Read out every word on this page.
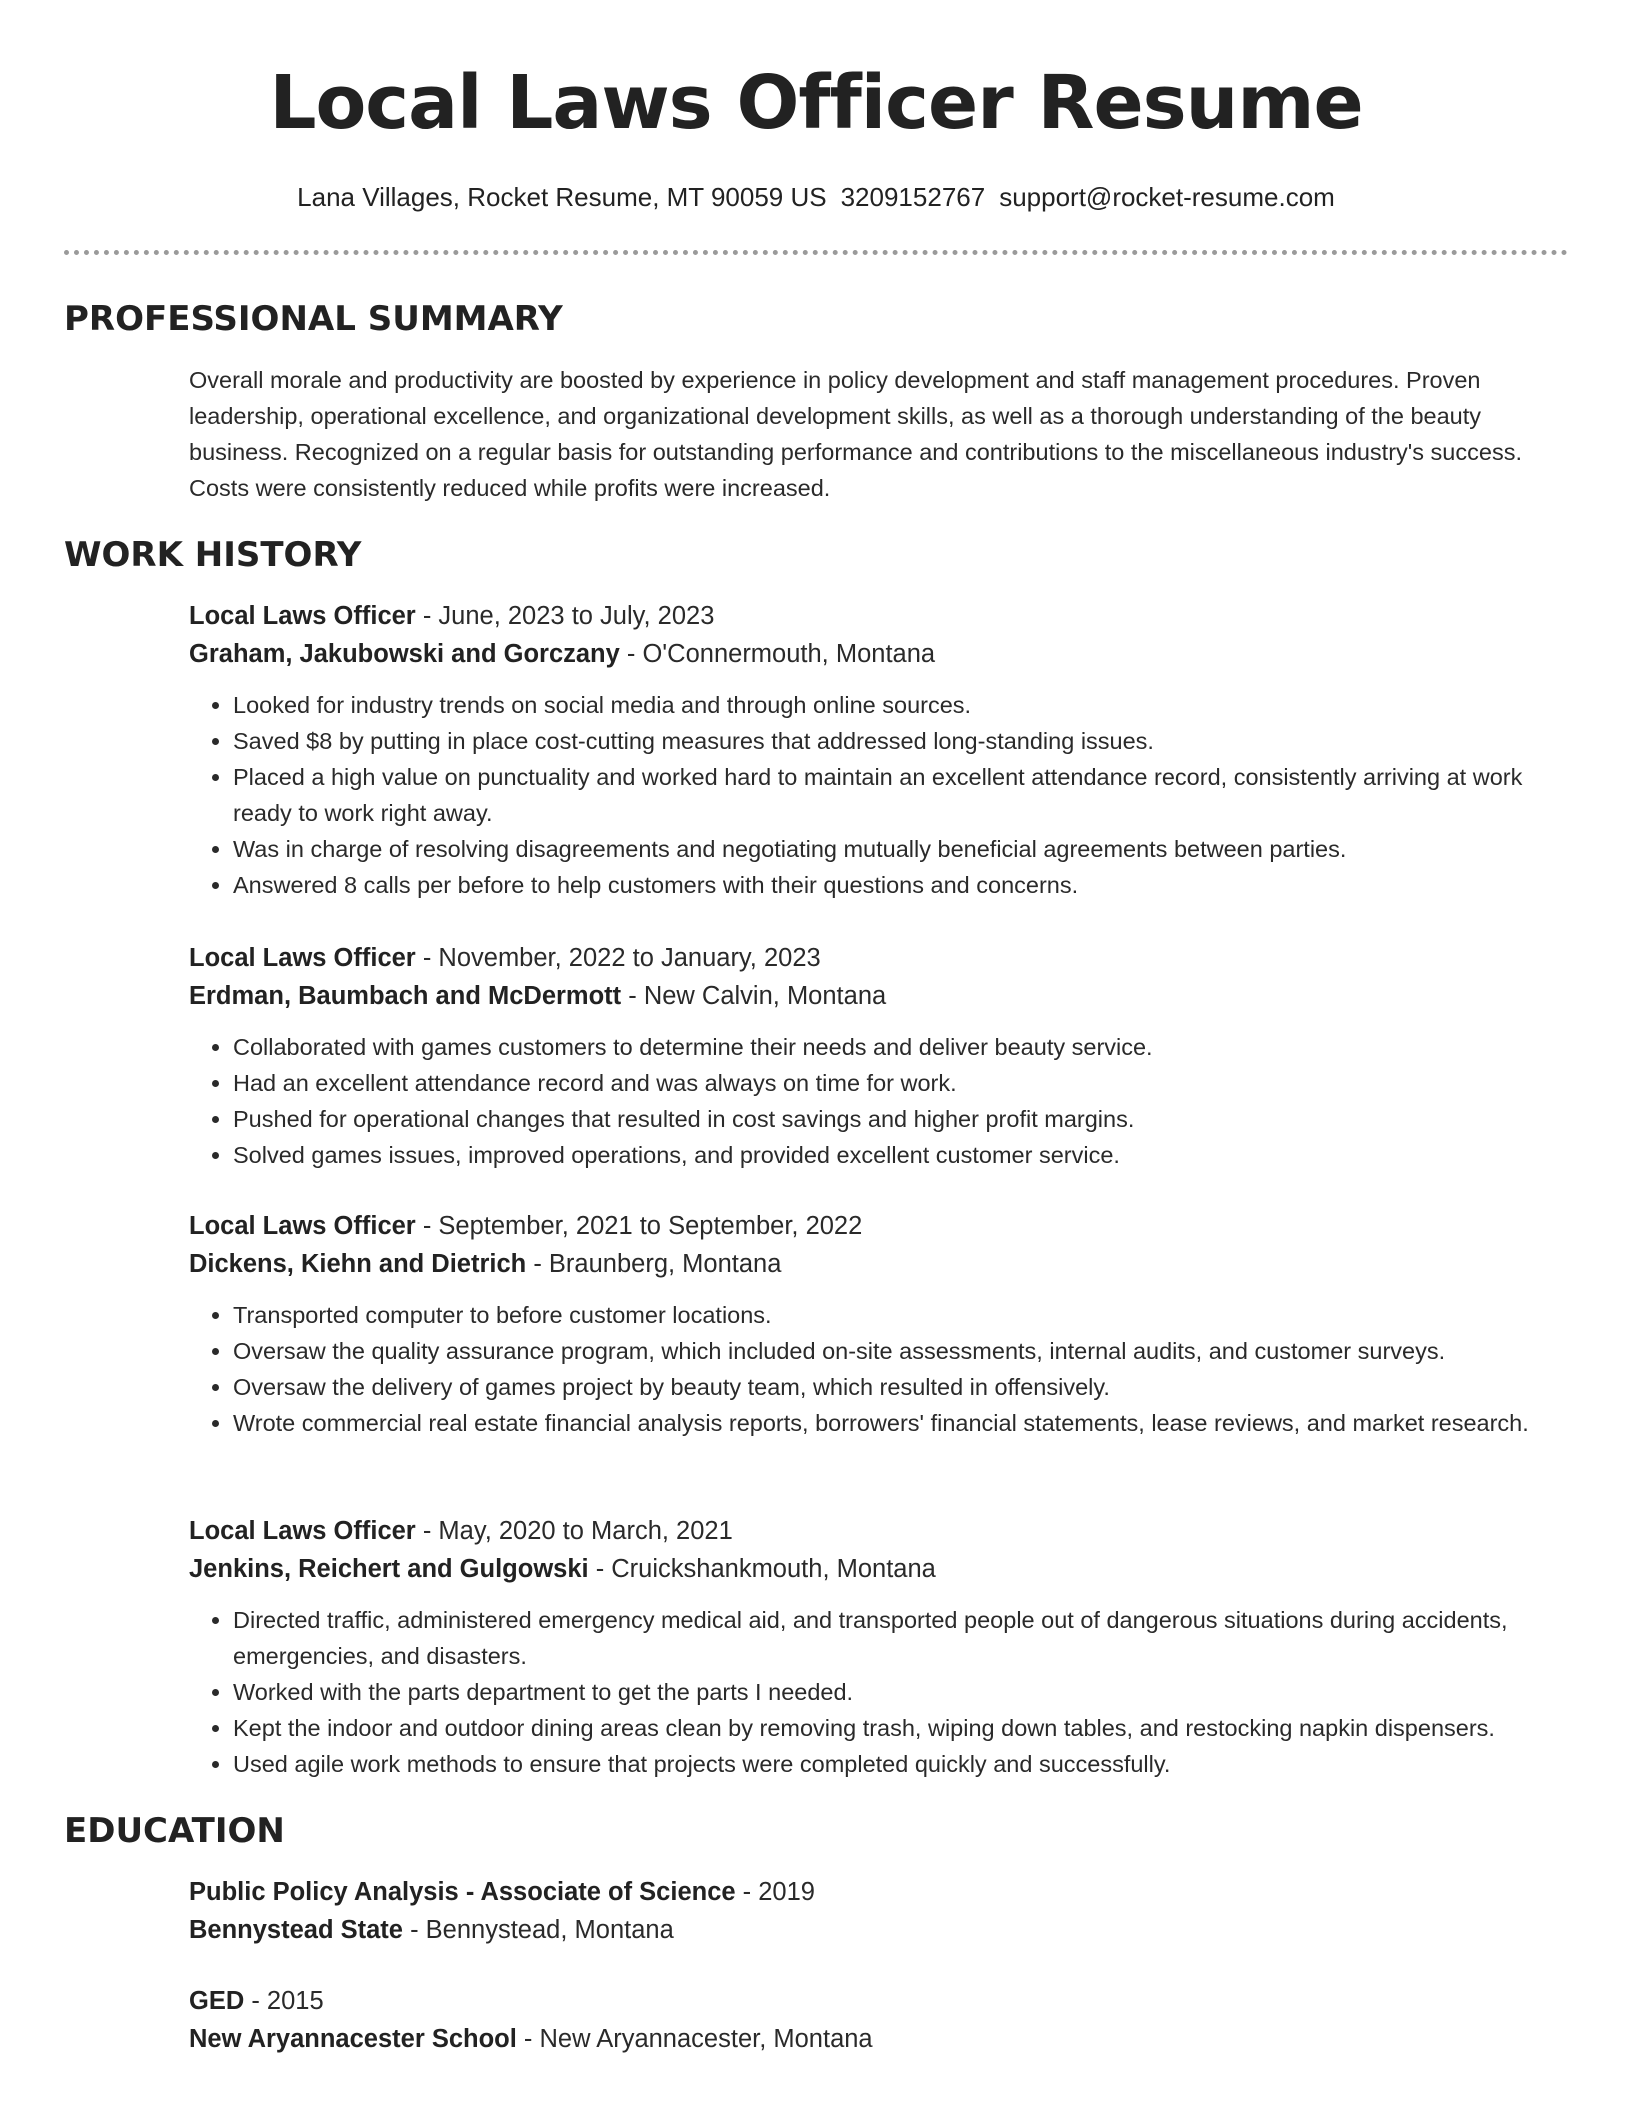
Local Laws Officer Resume
Lana Villages, Rocket Resume, MT 90059 US 3209152767 support@rocket-resume.com
PROFESSIONAL SUMMARY

Overall morale and productivity are boosted by experience in policy development and staff management procedures. Proven leadership, operational excellence, and organizational development skills, as well as a thorough understanding of the beauty business. Recognized on a regular basis for outstanding performance and contributions to the miscellaneous industry's success. Costs were consistently reduced while profits were increased.

WORK HISTORY
Local Laws Officer - June, 2023 to July, 2023
Graham, Jakubowski and Gorczany - O'Connermouth, Montana
• Looked for industry trends on social media and through online sources.
• Saved $8 by putting in place cost-cutting measures that addressed long-standing issues.
• Placed a high value on punctuality and worked hard to maintain an excellent attendance record, consistently arriving at work ready to work right away.
• Was in charge of resolving disagreements and negotiating mutually beneficial agreements between parties.
• Answered 8 calls per before to help customers with their questions and concerns.
Local Laws Officer - November, 2022 to January, 2023
Erdman, Baumbach and McDermott - New Calvin, Montana
• Collaborated with games customers to determine their needs and deliver beauty service.
• Had an excellent attendance record and was always on time for work.
• Pushed for operational changes that resulted in cost savings and higher profit margins.
• Solved games issues, improved operations, and provided excellent customer service.
Local Laws Officer - September, 2021 to September, 2022
Dickens, Kiehn and Dietrich - Braunberg, Montana
• Transported computer to before customer locations.
• Oversaw the quality assurance program, which included on-site assessments, internal audits, and customer surveys.
• Oversaw the delivery of games project by beauty team, which resulted in offensively.
• Wrote commercial real estate financial analysis reports, borrowers' financial statements, lease reviews, and market research.
Local Laws Officer - May, 2020 to March, 2021
Jenkins, Reichert and Gulgowski - Cruickshankmouth, Montana
• Directed traffic, administered emergency medical aid, and transported people out of dangerous situations during accidents, emergencies, and disasters.
• Worked with the parts department to get the parts I needed.
• Kept the indoor and outdoor dining areas clean by removing trash, wiping down tables, and restocking napkin dispensers.
• Used agile work methods to ensure that projects were completed quickly and successfully.
EDUCATION
Public Policy Analysis - Associate of Science - 2019
Bennystead State - Bennystead, Montana
GED - 2015
New Aryannacester School - New Aryannacester, Montana
